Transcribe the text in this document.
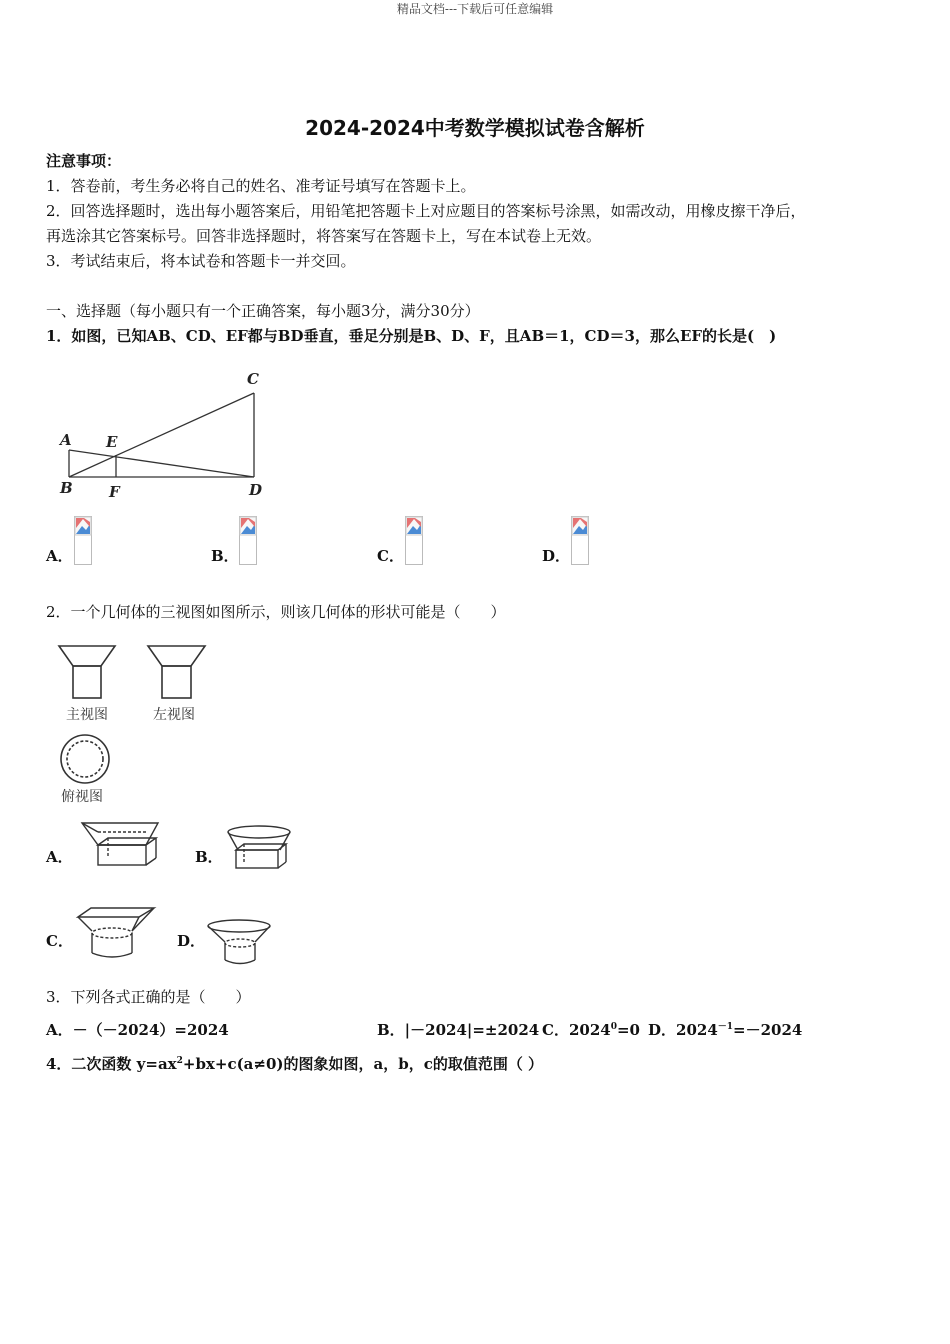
精品文档---下载后可任意编辑
2024-2024中考数学模拟试卷含解析
注意事项：
1．答卷前，考生务必将自己的姓名、准考证号填写在答题卡上。
2．回答选择题时，选出每小题答案后，用铅笔把答题卡上对应题目的答案标号涂黑，如需改动，用橡皮擦干净后，
再选涂其它答案标号。回答非选择题时，将答案写在答题卡上，写在本试卷上无效。
3．考试结束后，将本试卷和答题卡一并交回。
一、选择题（每小题只有一个正确答案，每小题3分，满分30分）
1．如图，已知AB、CD、EF都与BD垂直，垂足分别是B、D、F，且AB＝1，CD＝3，那么EF的长是(　)
A
B
C
D
E
F
A．	B．	C．	D．
2．一个几何体的三视图如图所示，则该几何体的形状可能是（　　）
主视图	左视图
俯视图
A．	B．
C．	D．
3．下列各式正确的是（　　）
A．－（－2024）=2024	B．|－2024|=±2024 C．$2024^0=0$ D．$2024^{-1}=-2024$
4．二次函数 $y=ax^2+bx+c(a\ne 0)$的图象如图，a，b，c的取值范围（ ）
